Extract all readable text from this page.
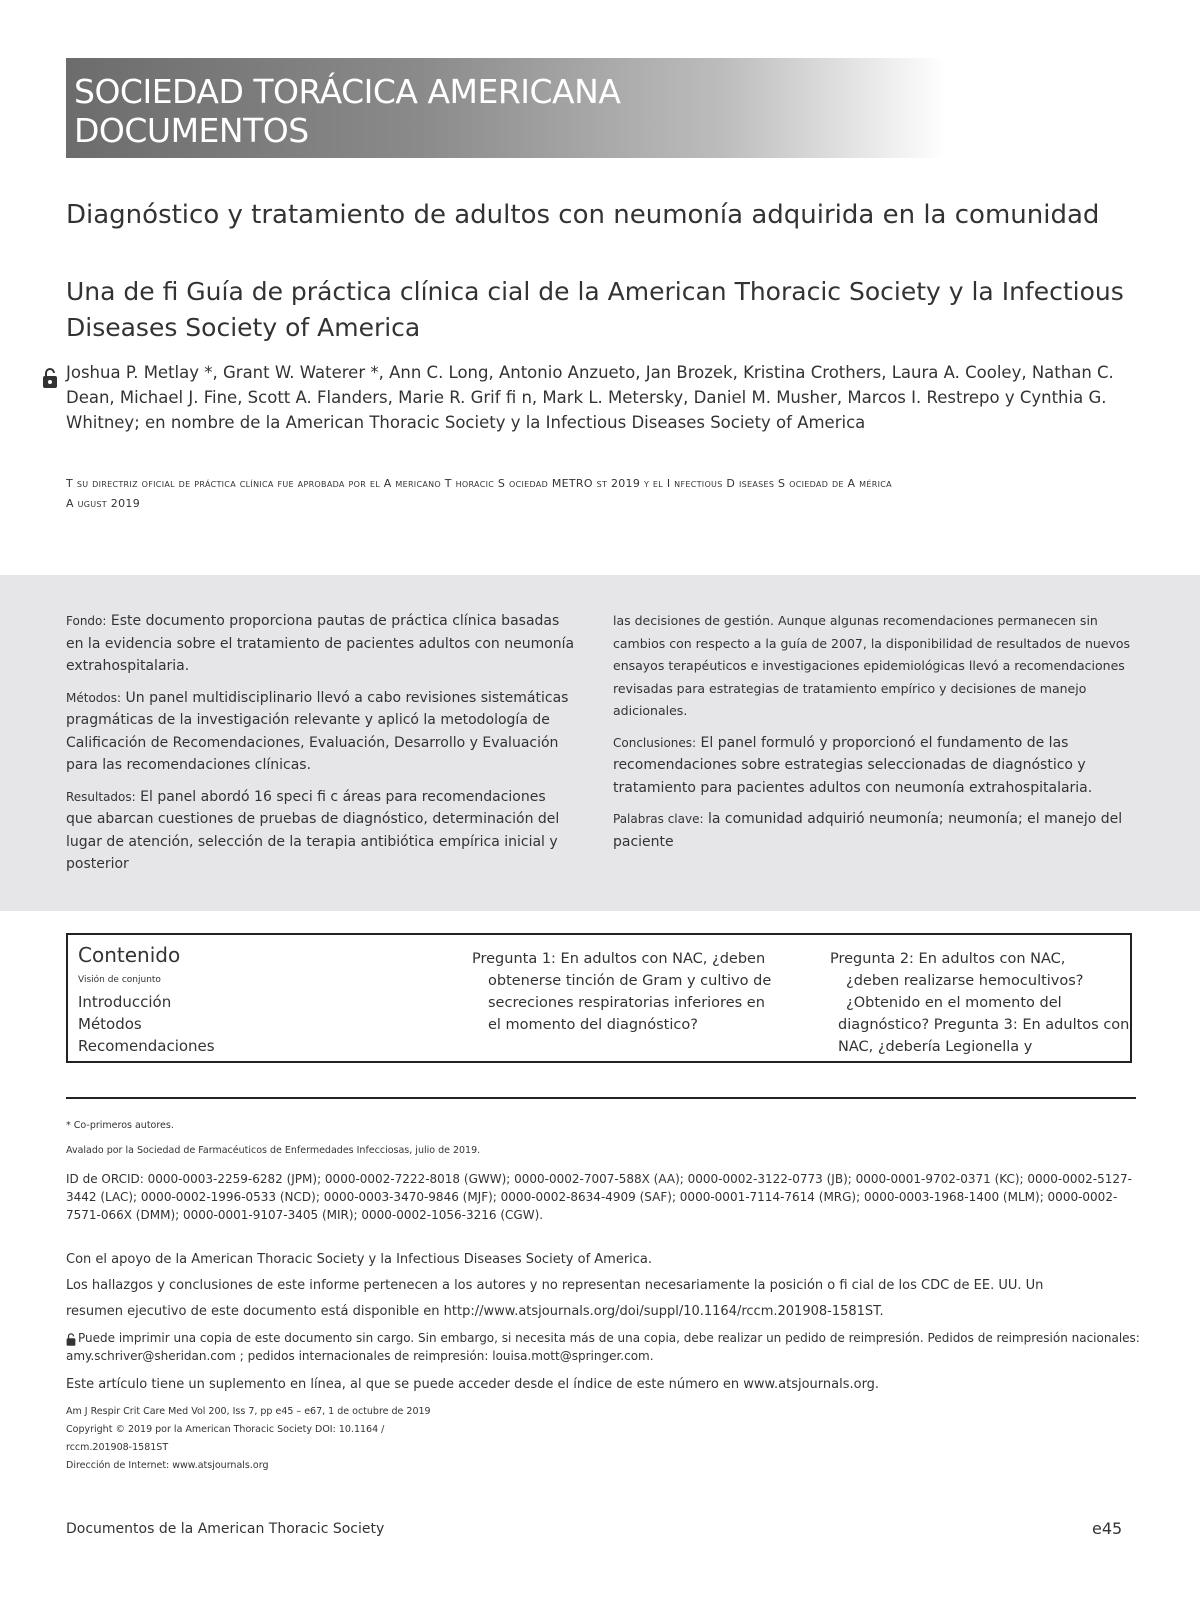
SOCIEDAD TORÁCICA AMERICANA
DOCUMENTOS
Diagnóstico y tratamiento de adultos con neumonía adquirida en la comunidad
Una de fi Guía de práctica clínica cial de la American Thoracic Society y la Infectious Diseases Society of America
Joshua P. Metlay *, Grant W. Waterer *, Ann C. Long, Antonio Anzueto, Jan Brozek, Kristina Crothers, Laura A. Cooley, Nathan C. Dean, Michael J. Fine, Scott A. Flanders, Marie R. Grif fi n, Mark L. Metersky, Daniel M. Musher, Marcos I. Restrepo y Cynthia G. Whitney; en nombre de la American Thoracic Society y la Infectious Diseases Society of America
T su directriz oficial de práctica clínica fue aprobada por el A mericano T horacic S ociedad METRO st 2019 y el I nfectious D iseases S ociedad de A mérica
A ugust 2019

Fondo: Este documento proporciona pautas de práctica clínica basadas en la evidencia sobre el tratamiento de pacientes adultos con neumonía extrahospitalaria.

Métodos: Un panel multidisciplinario llevó a cabo revisiones sistemáticas pragmáticas de la investigación relevante y aplicó la metodología de Calificación de Recomendaciones, Evaluación, Desarrollo y Evaluación para las recomendaciones clínicas.

Resultados: El panel abordó 16 speci fi c áreas para recomendaciones que abarcan cuestiones de pruebas de diagnóstico, determinación del lugar de atención, selección de la terapia antibiótica empírica inicial y posterior

las decisiones de gestión. Aunque algunas recomendaciones permanecen sin cambios con respecto a la guía de 2007, la disponibilidad de resultados de nuevos ensayos terapéuticos e investigaciones epidemiológicas llevó a recomendaciones revisadas para estrategias de tratamiento empírico y decisiones de manejo adicionales.

Conclusiones: El panel formuló y proporcionó el fundamento de las recomendaciones sobre estrategias seleccionadas de diagnóstico y tratamiento para pacientes adultos con neumonía extrahospitalaria.

Palabras clave: la comunidad adquirió neumonía; neumonía; el manejo del paciente

Contenido
Visión de conjunto
Introducción
Métodos
Recomendaciones
Pregunta 1: En adultos con NAC, ¿deben
obtenerse tinción de Gram y cultivo de
secreciones respiratorias inferiores en
el momento del diagnóstico?
Pregunta 2: En adultos con NAC,
¿deben realizarse hemocultivos?
¿Obtenido en el momento del
diagnóstico? Pregunta 3: En adultos con
NAC, ¿debería Legionella y
* Co-primeros autores.
Avalado por la Sociedad de Farmacéuticos de Enfermedades Infecciosas, julio de 2019.
ID de ORCID: 0000-0003-2259-6282 (JPM); 0000-0002-7222-8018 (GWW); 0000-0002-7007-588X (AA); 0000-0002-3122-0773 (JB); 0000-0001-9702-0371 (KC); 0000-0002-5127-3442 (LAC); 0000-0002-1996-0533 (NCD); 0000-0003-3470-9846 (MJF); 0000-0002-8634-4909 (SAF); 0000-0001-7114-7614 (MRG); 0000-0003-1968-1400 (MLM); 0000-0002-7571-066X (DMM); 0000-0001-9107-3405 (MIR); 0000-0002-1056-3216 (CGW).
Con el apoyo de la American Thoracic Society y la Infectious Diseases Society of America.
Los hallazgos y conclusiones de este informe pertenecen a los autores y no representan necesariamente la posición o fi cial de los CDC de EE. UU. Un
resumen ejecutivo de este documento está disponible en http://www.atsjournals.org/doi/suppl/10.1164/rccm.201908-1581ST.
Puede imprimir una copia de este documento sin cargo. Sin embargo, si necesita más de una copia, debe realizar un pedido de reimpresión. Pedidos de reimpresión nacionales: amy.schriver@sheridan.com ; pedidos internacionales de reimpresión: louisa.mott@springer.com.
Este artículo tiene un suplemento en línea, al que se puede acceder desde el índice de este número en www.atsjournals.org.
Am J Respir Crit Care Med Vol 200, Iss 7, pp e45 – e67, 1 de octubre de 2019
Copyright © 2019 por la American Thoracic Society DOI: 10.1164 /
rccm.201908-1581ST
Dirección de Internet: www.atsjournals.org
Documentos de la American Thoracic Society	e45
